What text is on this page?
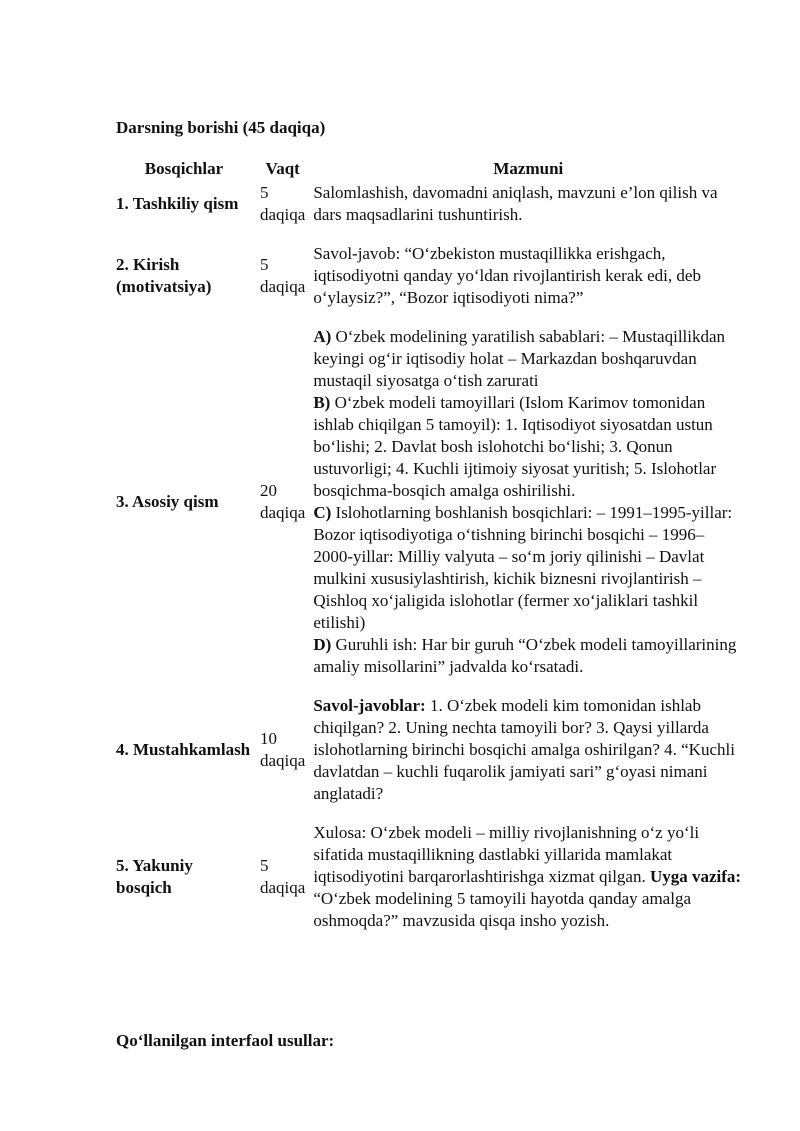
Darsning borishi (45 daqiqa)

Bosqichlar	Vaqt	Mazmuni
1. Tashkiliy qism	5 daqiqa	Salomlashish, davomadni aniqlash, mavzuni e’lon qilish va dars maqsadlarini tushuntirish.
2. Kirish (motivatsiya)	5 daqiqa	Savol-javob: “O‘zbekiston mustaqillikka erishgach, iqtisodiyotni qanday yo‘ldan rivojlantirish kerak edi, deb o‘ylaysiz?”, “Bozor iqtisodiyoti nima?”
3. Asosiy qism	20 daqiqa	A) O‘zbek modelining yaratilish sabablari: – Mustaqillikdan keyingi og‘ir iqtisodiy holat – Markazdan boshqaruvdan mustaqil siyosatga o‘tish zarurati
B) O‘zbek modeli tamoyillari (Islom Karimov tomonidan ishlab chiqilgan 5 tamoyil): 1. Iqtisodiyot siyosatdan ustun bo‘lishi; 2. Davlat bosh islohotchi bo‘lishi; 3. Qonun ustuvorligi; 4. Kuchli ijtimoiy siyosat yuritish; 5. Islohotlar bosqichma-bosqich amalga oshirilishi.
C) Islohotlarning boshlanish bosqichlari: – 1991–1995-yillar: Bozor iqtisodiyotiga o‘tishning birinchi bosqichi – 1996–2000-yillar: Milliy valyuta – so‘m joriy qilinishi – Davlat mulkini xususiylashtirish, kichik biznesni rivojlantirish – Qishloq xo‘jaligida islohotlar (fermer xo‘jaliklari tashkil etilishi)
D) Guruhli ish: Har bir guruh “O‘zbek modeli tamoyillarining amaliy misollarini” jadvalda ko‘rsatadi.

4. Mustahkamlash	10 daqiqa	Savol-javoblar: 1. O‘zbek modeli kim tomonidan ishlab chiqilgan? 2. Uning nechta tamoyili bor? 3. Qaysi yillarda islohotlarning birinchi bosqichi amalga oshirilgan? 4. “Kuchli davlatdan – kuchli fuqarolik jamiyati sari” g‘oyasi nimani anglatadi?
5. Yakuniy bosqich	5 daqiqa	Xulosa: O‘zbek modeli – milliy rivojlanishning o‘z yo‘li sifatida mustaqillikning dastlabki yillarida mamlakat iqtisodiyotini barqarorlashtirishga xizmat qilgan. Uyga vazifa: “O‘zbek modelining 5 tamoyili hayotda qanday amalga oshmoqda?” mavzusida qisqa insho yozish.

Qo‘llanilgan interfaol usullar:
